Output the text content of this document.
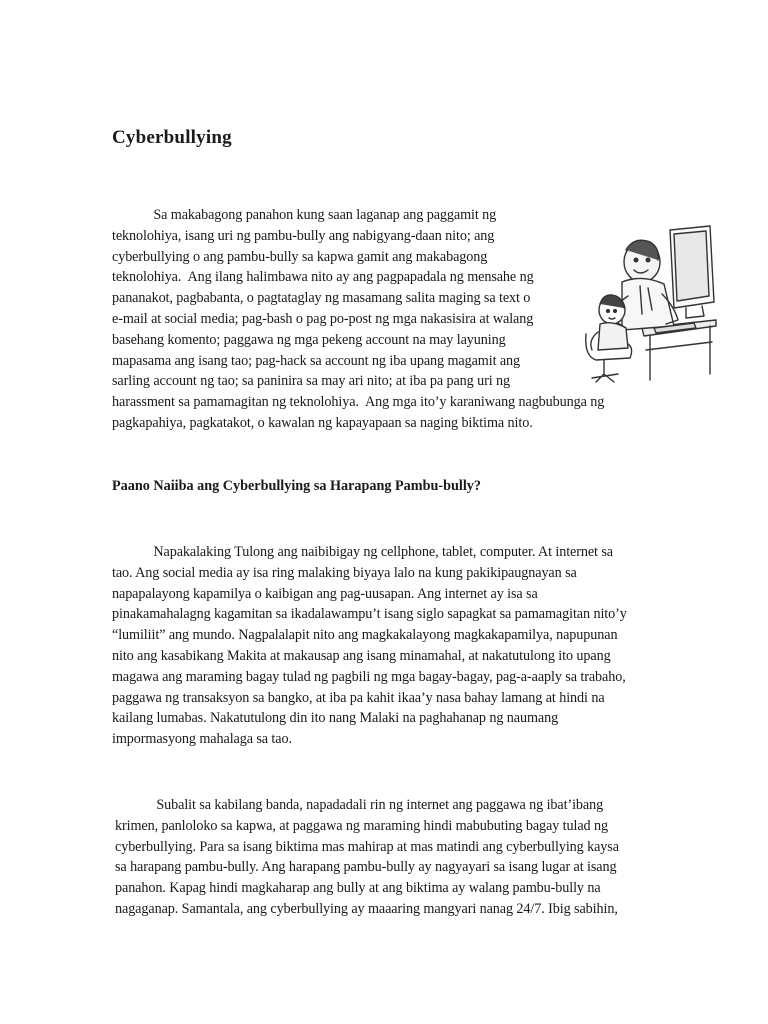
Cyberbullying
Sa makabagong panahon kung saan laganap ang paggamit ng
teknolohiya, isang uri ng pambu-bully ang nabigyang-daan nito; ang
cyberbullying o ang pambu-bully sa kapwa gamit ang makabagong
teknolohiya.  Ang ilang halimbawa nito ay ang pagpapadala ng mensahe ng
pananakot, pagbabanta, o pagtataglay ng masamang salita maging sa text o
e-mail at social media; pag-bash o pag po-post ng mga nakasisira at walang
basehang komento; paggawa ng mga pekeng account na may layuning
mapasama ang isang tao; pag-hack sa account ng iba upang magamit ang
sarling account ng tao; sa paninira sa may ari nito; at iba pa pang uri ng
harassment sa pamamagitan ng teknolohiya.  Ang mga ito’y karaniwang nagbubunga ng
pagkapahiya, pagkatakot, o kawalan ng kapayapaan sa naging biktima nito.
Paano Naiiba ang Cyberbullying sa Harapang Pambu-bully?
Napakalaking Tulong ang naibibigay ng cellphone, tablet, computer. At internet sa
tao. Ang social media ay isa ring malaking biyaya lalo na kung pakikipaugnayan sa
napapalayong kapamilya o kaibigan ang pag-uusapan. Ang internet ay isa sa
pinakamahalagng kagamitan sa ikadalawampu’t isang siglo sapagkat sa pamamagitan nito’y
“lumiliit” ang mundo. Nagpalalapit nito ang magkakalayong magkakapamilya, napupunan
nito ang kasabikang Makita at makausap ang isang minamahal, at nakatutulong ito upang
magawa ang maraming bagay tulad ng pagbili ng mga bagay-bagay, pag-a-aaply sa trabaho,
paggawa ng transaksyon sa bangko, at iba pa kahit ikaa’y nasa bahay lamang at hindi na
kailang lumabas. Nakatutulong din ito nang Malaki na paghahanap ng naumang
impormasyong mahalaga sa tao.
Subalit sa kabilang banda, napadadali rin ng internet ang paggawa ng ibat’ibang
krimen, panloloko sa kapwa, at paggawa ng maraming hindi mabubuting bagay tulad ng
cyberbullying. Para sa isang biktima mas mahirap at mas matindi ang cyberbullying kaysa
sa harapang pambu-bully. Ang harapang pambu-bully ay nagyayari sa isang lugar at isang
panahon. Kapag hindi magkaharap ang bully at ang biktima ay walang pambu-bully na
nagaganap. Samantala, ang cyberbullying ay maaaring mangyari nanag 24/7. Ibig sabihin,
